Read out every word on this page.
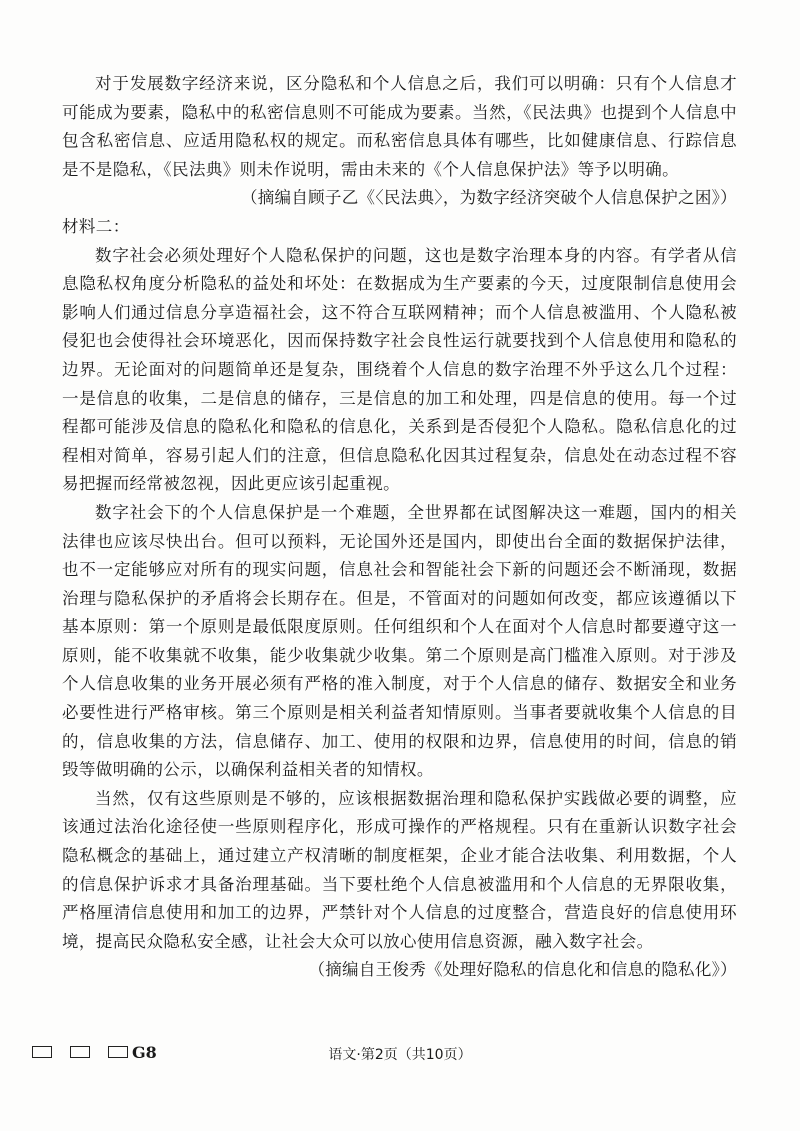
对于发展数字经济来说，区分隐私和个人信息之后，我们可以明确：只有个人信息才可能成为要素，隐私中的私密信息则不可能成为要素。当然，《民法典》也提到个人信息中包含私密信息、应适用隐私权的规定。而私密信息具体有哪些，比如健康信息、行踪信息是不是隐私，《民法典》则未作说明，需由未来的《个人信息保护法》等予以明确。

（摘编自顾子乙《〈民法典〉，为数字经济突破个人信息保护之困》）

材料二：

数字社会必须处理好个人隐私保护的问题，这也是数字治理本身的内容。有学者从信息隐私权角度分析隐私的益处和坏处：在数据成为生产要素的今天，过度限制信息使用会影响人们通过信息分享造福社会，这不符合互联网精神；而个人信息被滥用、个人隐私被侵犯也会使得社会环境恶化，因而保持数字社会良性运行就要找到个人信息使用和隐私的边界。无论面对的问题简单还是复杂，围绕着个人信息的数字治理不外乎这么几个过程：一是信息的收集，二是信息的储存，三是信息的加工和处理，四是信息的使用。每一个过程都可能涉及信息的隐私化和隐私的信息化，关系到是否侵犯个人隐私。隐私信息化的过程相对简单，容易引起人们的注意，但信息隐私化因其过程复杂，信息处在动态过程不容易把握而经常被忽视，因此更应该引起重视。

数字社会下的个人信息保护是一个难题，全世界都在试图解决这一难题，国内的相关法律也应该尽快出台。但可以预料，无论国外还是国内，即使出台全面的数据保护法律，也不一定能够应对所有的现实问题，信息社会和智能社会下新的问题还会不断涌现，数据治理与隐私保护的矛盾将会长期存在。但是，不管面对的问题如何改变，都应该遵循以下基本原则：第一个原则是最低限度原则。任何组织和个人在面对个人信息时都要遵守这一原则，能不收集就不收集，能少收集就少收集。第二个原则是高门槛准入原则。对于涉及个人信息收集的业务开展必须有严格的准入制度，对于个人信息的储存、数据安全和业务必要性进行严格审核。第三个原则是相关利益者知情原则。当事者要就收集个人信息的目的，信息收集的方法，信息储存、加工、使用的权限和边界，信息使用的时间，信息的销毁等做明确的公示，以确保利益相关者的知情权。

当然，仅有这些原则是不够的，应该根据数据治理和隐私保护实践做必要的调整，应该通过法治化途径使一些原则程序化，形成可操作的严格规程。只有在重新认识数字社会隐私概念的基础上，通过建立产权清晰的制度框架，企业才能合法收集、利用数据，个人的信息保护诉求才具备治理基础。当下要杜绝个人信息被滥用和个人信息的无界限收集，严格厘清信息使用和加工的边界，严禁针对个人信息的过度整合，营造良好的信息使用环境，提高民众隐私安全感，让社会大众可以放心使用信息资源，融入数字社会。

（摘编自王俊秀《处理好隐私的信息化和信息的隐私化》）

G8	语文·第2页（共10页）
